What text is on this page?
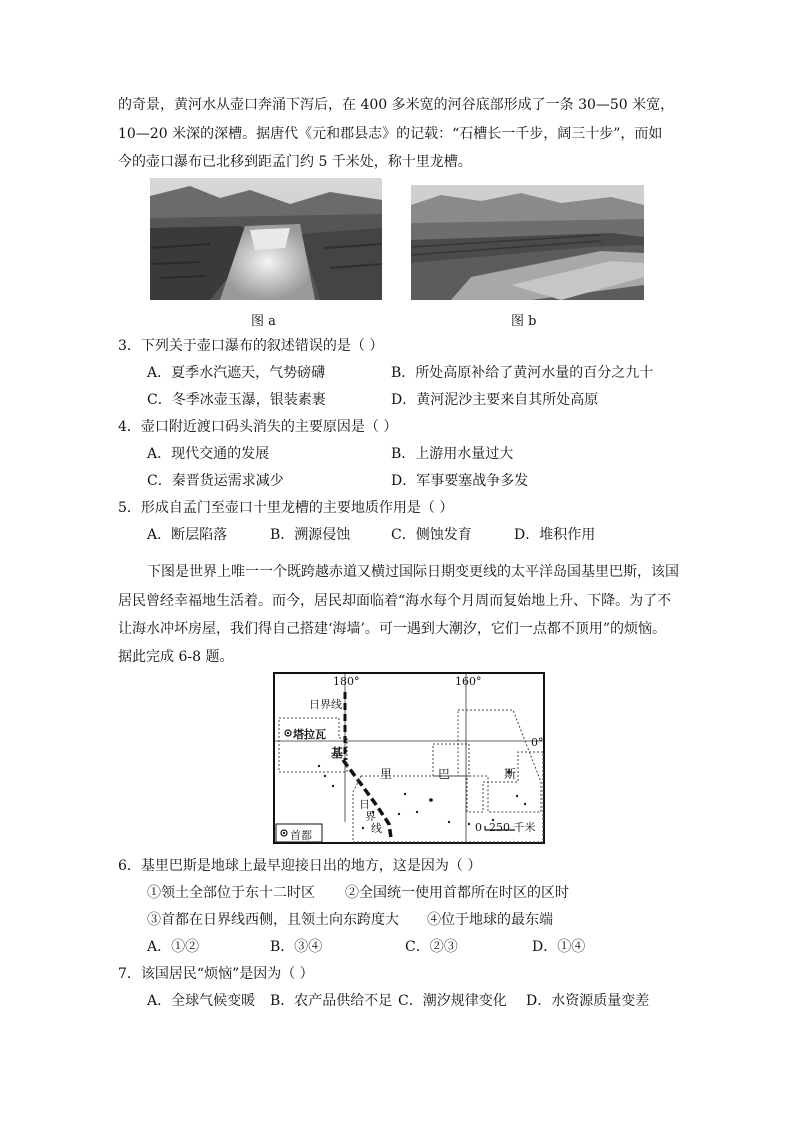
的奇景，黄河水从壶口奔涌下泻后，在 400 多米宽的河谷底部形成了一条 30—50 米宽，
10—20 米深的深槽。据唐代《元和郡县志》的记载：“石槽长一千步，阔三十步”，而如
今的壶口瀑布已北移到距孟门约 5 千米处，称十里龙槽。
图 a	图 b
3．下列关于壶口瀑布的叙述错误的是（ ）
A．夏季水汽遮天，气势磅礴	B．所处高原补给了黄河水量的百分之九十
C．冬季冰壶玉瀑，银装素裹	D．黄河泥沙主要来自其所处高原
4．壶口附近渡口码头消失的主要原因是（ ）
A．现代交通的发展	B．上游用水量过大
C．秦晋货运需求减少	D．军事要塞战争多发
5．形成自孟门至壶口十里龙槽的主要地质作用是（ ）
A．断层陷落	B．溯源侵蚀	C．侧蚀发育	D．堆积作用
下图是世界上唯一一个既跨越赤道又横过国际日期变更线的太平洋岛国基里巴斯，该国
居民曾经幸福地生活着。而今，居民却面临着“海水每个月周而复始地上升、下降。为了不
让海水冲坏房屋，我们得自己搭建‘海墙’。可一遇到大潮汐，它们一点都不顶用”的烦恼。
据此完成 6-8 题。
180°	160°
0°
日界线
塔拉瓦
基
里	巴	斯
日
界
线
首都
0 250 千米
6．基里巴斯是地球上最早迎接日出的地方，这是因为（ ）
①领土全部位于东十二时区 ②全国统一使用首都所在时区的区时
③首都在日界线西侧，且领土向东跨度大 ④位于地球的最东端
A．①②	B．③④	C．②③	D．①④
7．该国居民“烦恼”是因为（ ）
A．全球气候变暖 B．农产品供给不足 C．潮汐规律变化 D．水资源质量变差
